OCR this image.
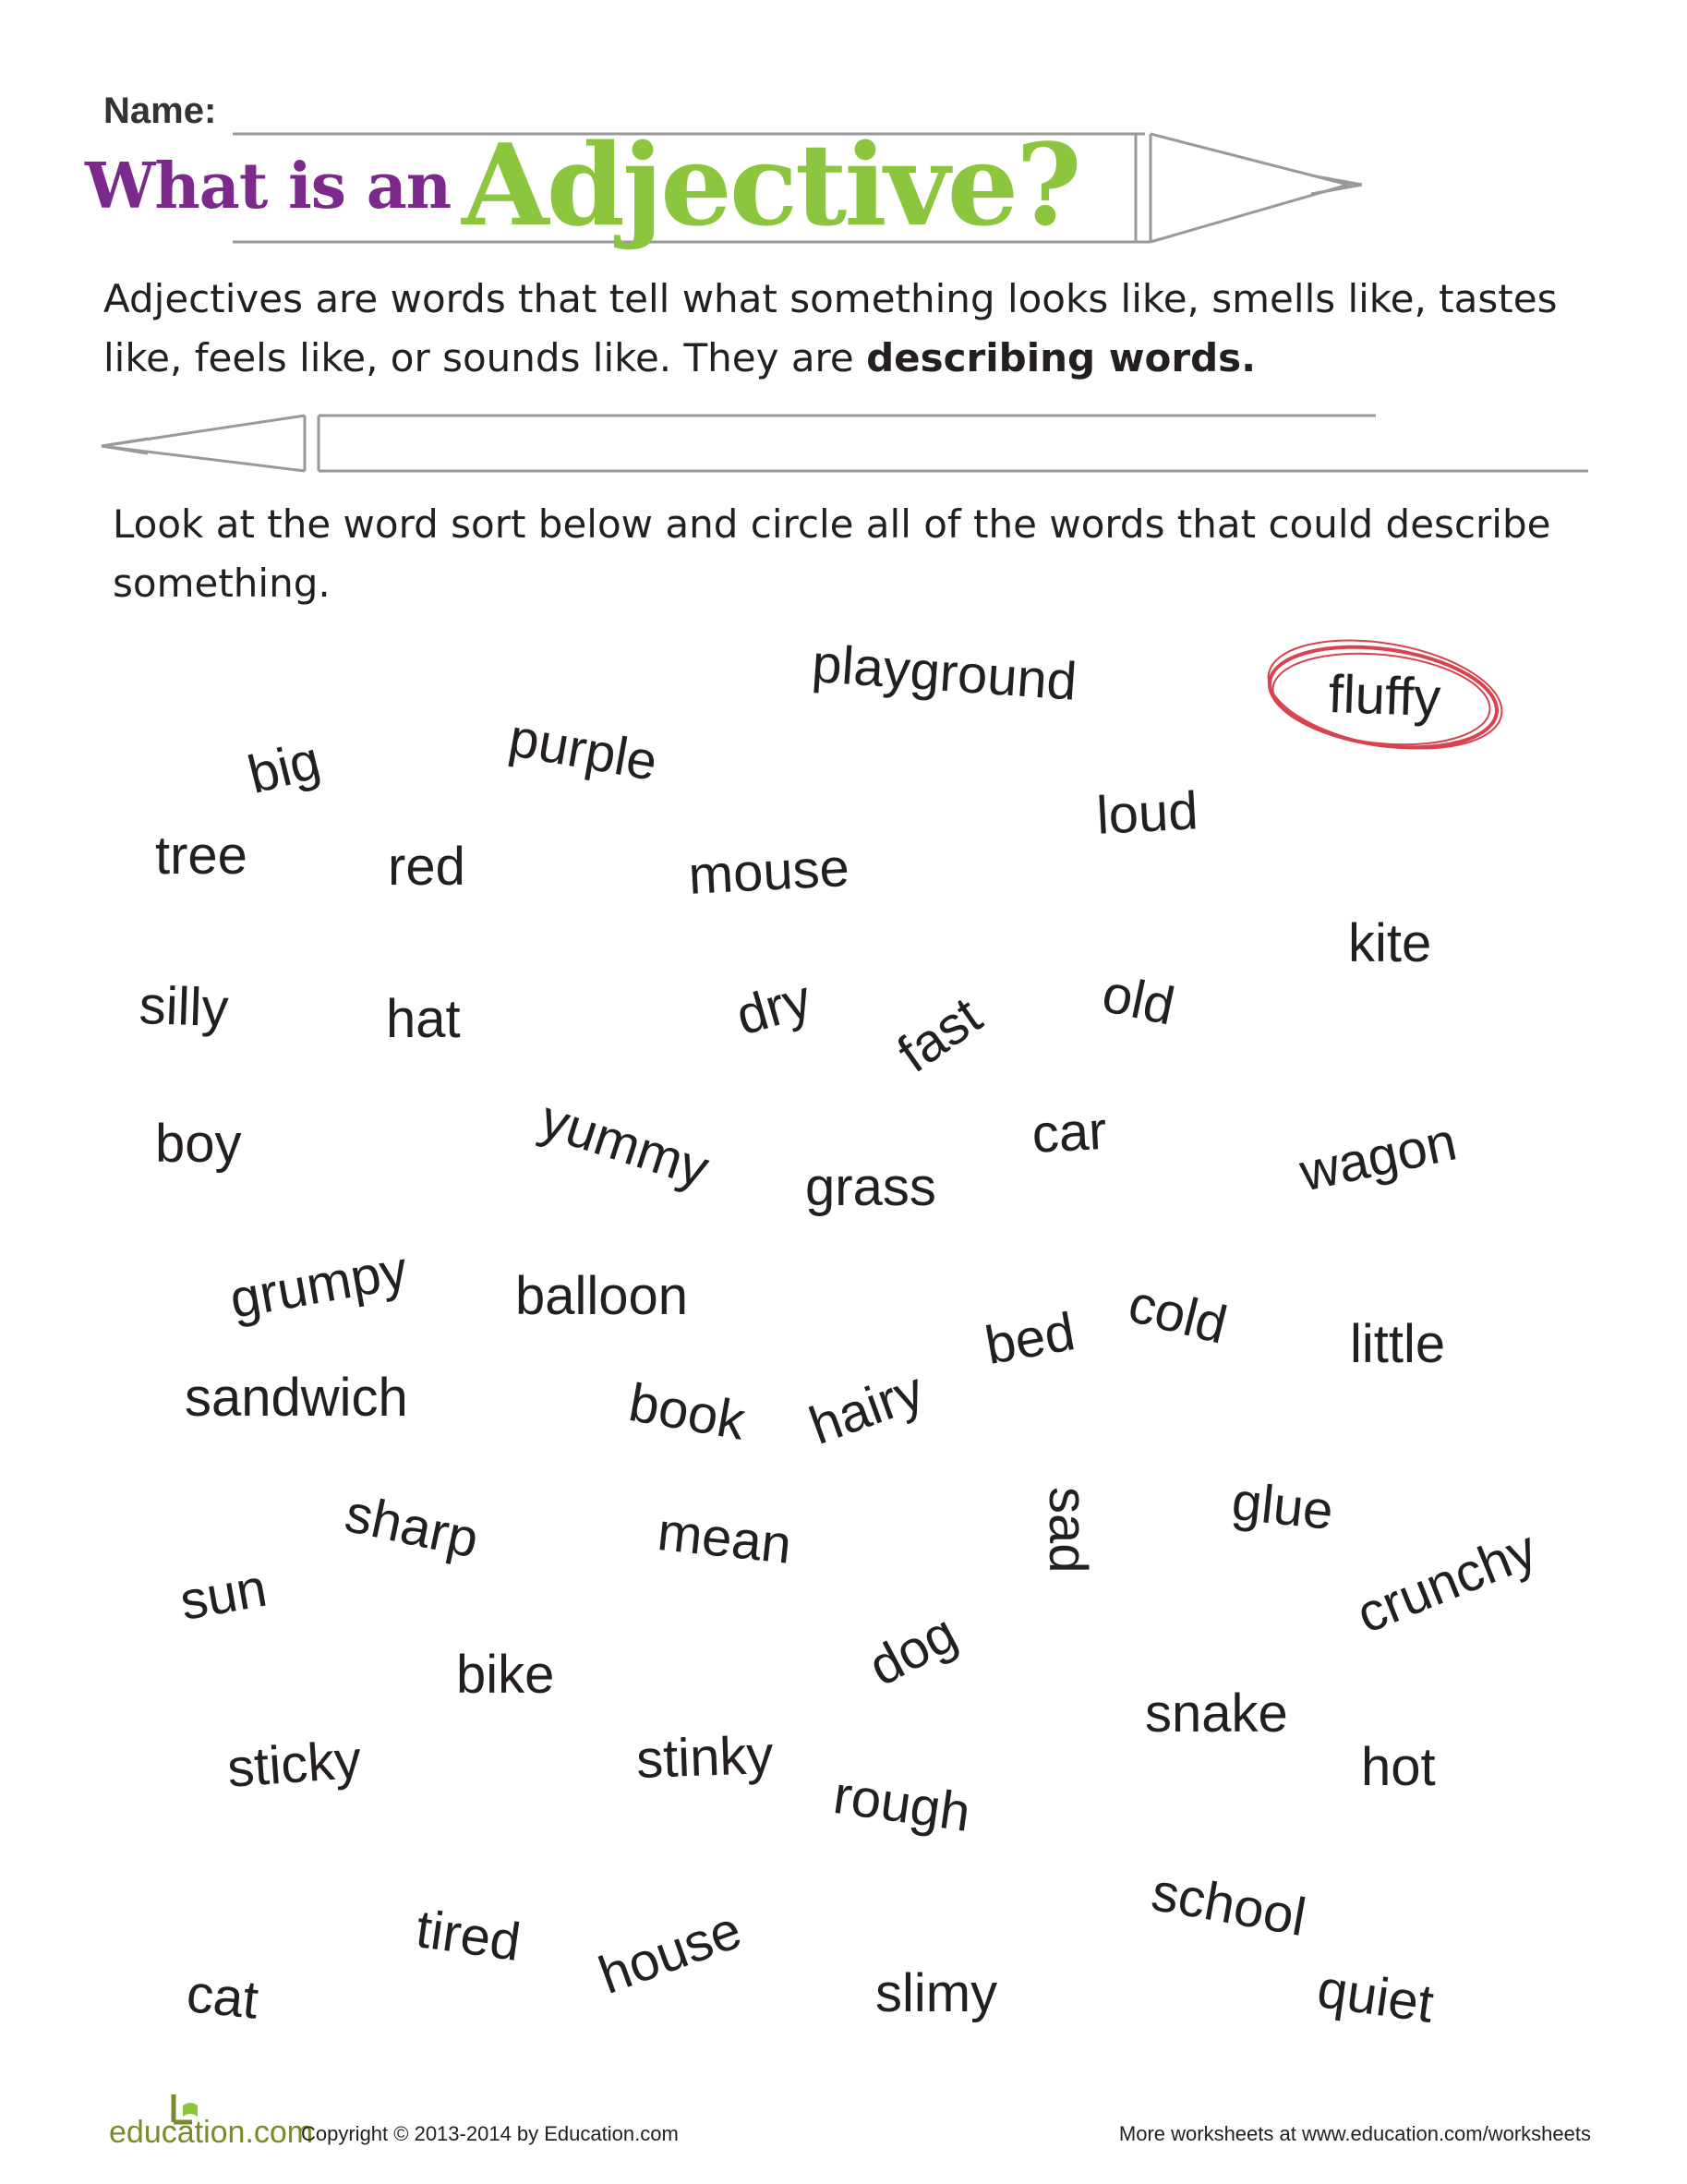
Name:
What is an Adjective?
Adjectives are words that tell what something looks like, smells like, tastes like, feels like, or sounds like. They are describing words.
Look at the word sort below and circle all of the words that could describe something.
playground	fluffy
big	purple
loud
tree	red	mouse
kite
silly	hat	dry fast old
boy	yummy	car
grass	wagon
grumpy balloon	cold
bed	little
sandwich	book hairy
sharp	sad glue
mean
sun	crunchy
dog
bike
snake
sticky	stinky	hot
rough
school
tired house
cat	slimy	quiet
education.com
Copyright © 2013-2014 by Education.com	More worksheets at www.education.com/worksheets
